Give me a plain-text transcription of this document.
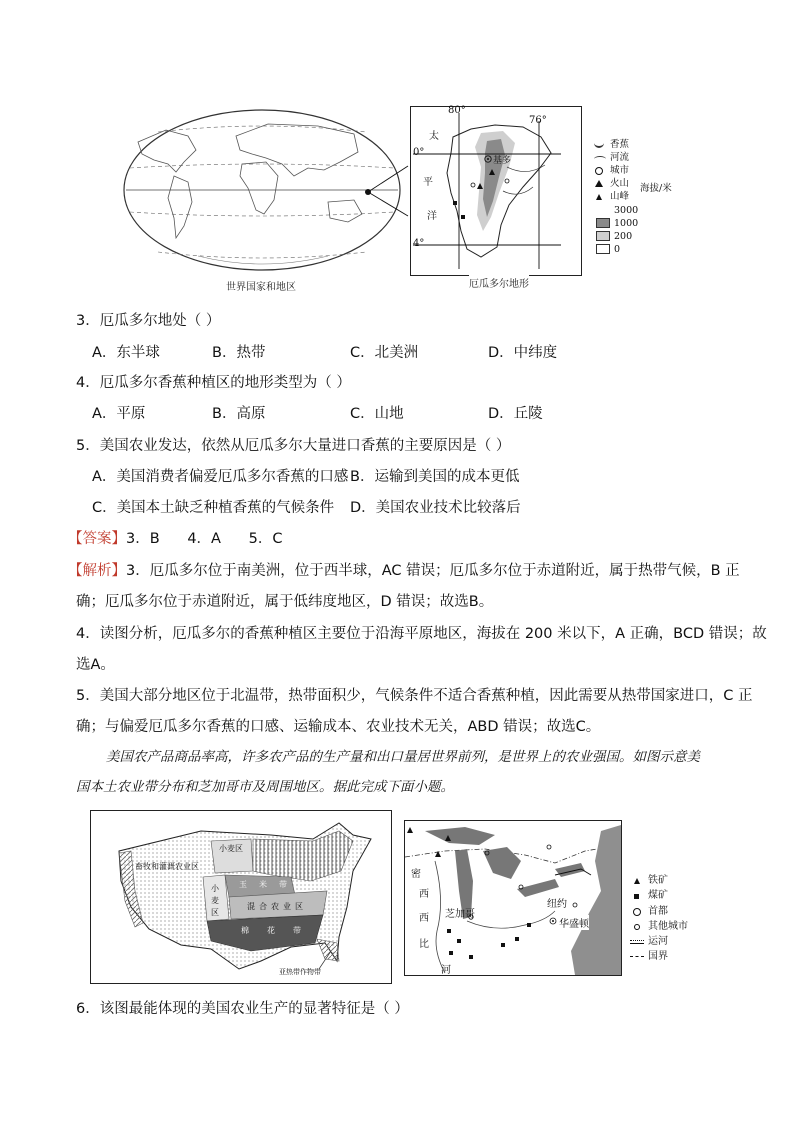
世界国家和地区
80°
76°
0°
4°
太
平
洋
基多
厄瓜多尔地形
香蕉
河流
城市
火山
山峰
海拔/米
3000
1000
200
0
3．厄瓜多尔地处（ ）
A．东半球	B．热带	C．北美洲	D．中纬度
4．厄瓜多尔香蕉种植区的地形类型为（ ）
A．平原	B．高原	C．山地	D．丘陵
5．美国农业发达，依然从厄瓜多尔大量进口香蕉的主要原因是（ ）
A．美国消费者偏爱厄瓜多尔香蕉的口感 B．运输到美国的成本更低
C．美国本土缺乏种植香蕉的气候条件 D．美国农业技术比较落后
【答案】3．B      4．A      5．C
【解析】3．厄瓜多尔位于南美洲，位于西半球，AC 错误；厄瓜多尔位于赤道附近，属于热带气候，B 正
确；厄瓜多尔位于赤道附近，属于低纬度地区，D 错误；故选B。
4．读图分析，厄瓜多尔的香蕉种植区主要位于沿海平原地区，海拔在 200 米以下，A 正确，BCD 错误；故
选A。
5．美国大部分地区位于北温带，热带面积少，气候条件不适合香蕉种植，因此需要从热带国家进口，C 正
确；与偏爱厄瓜多尔香蕉的口感、运输成本、农业技术无关，ABD 错误；故选C。
美国农产品商品率高，许多农产品的生产量和出口量居世界前列，是世界上的农业强国。如图示意美
国本土农业带分布和芝加哥市及周围地区。据此完成下面小题。
小麦区
畜牧和灌溉农业区
玉 米 带
混 合 农 业 区
小
麦
区
棉 花 带
亚热带作物带
密
西
西
比
河
芝加哥
纽约
华盛顿
铁矿
煤矿
首都
其他城市
运河
国界
6．该图最能体现的美国农业生产的显著特征是（ ）
